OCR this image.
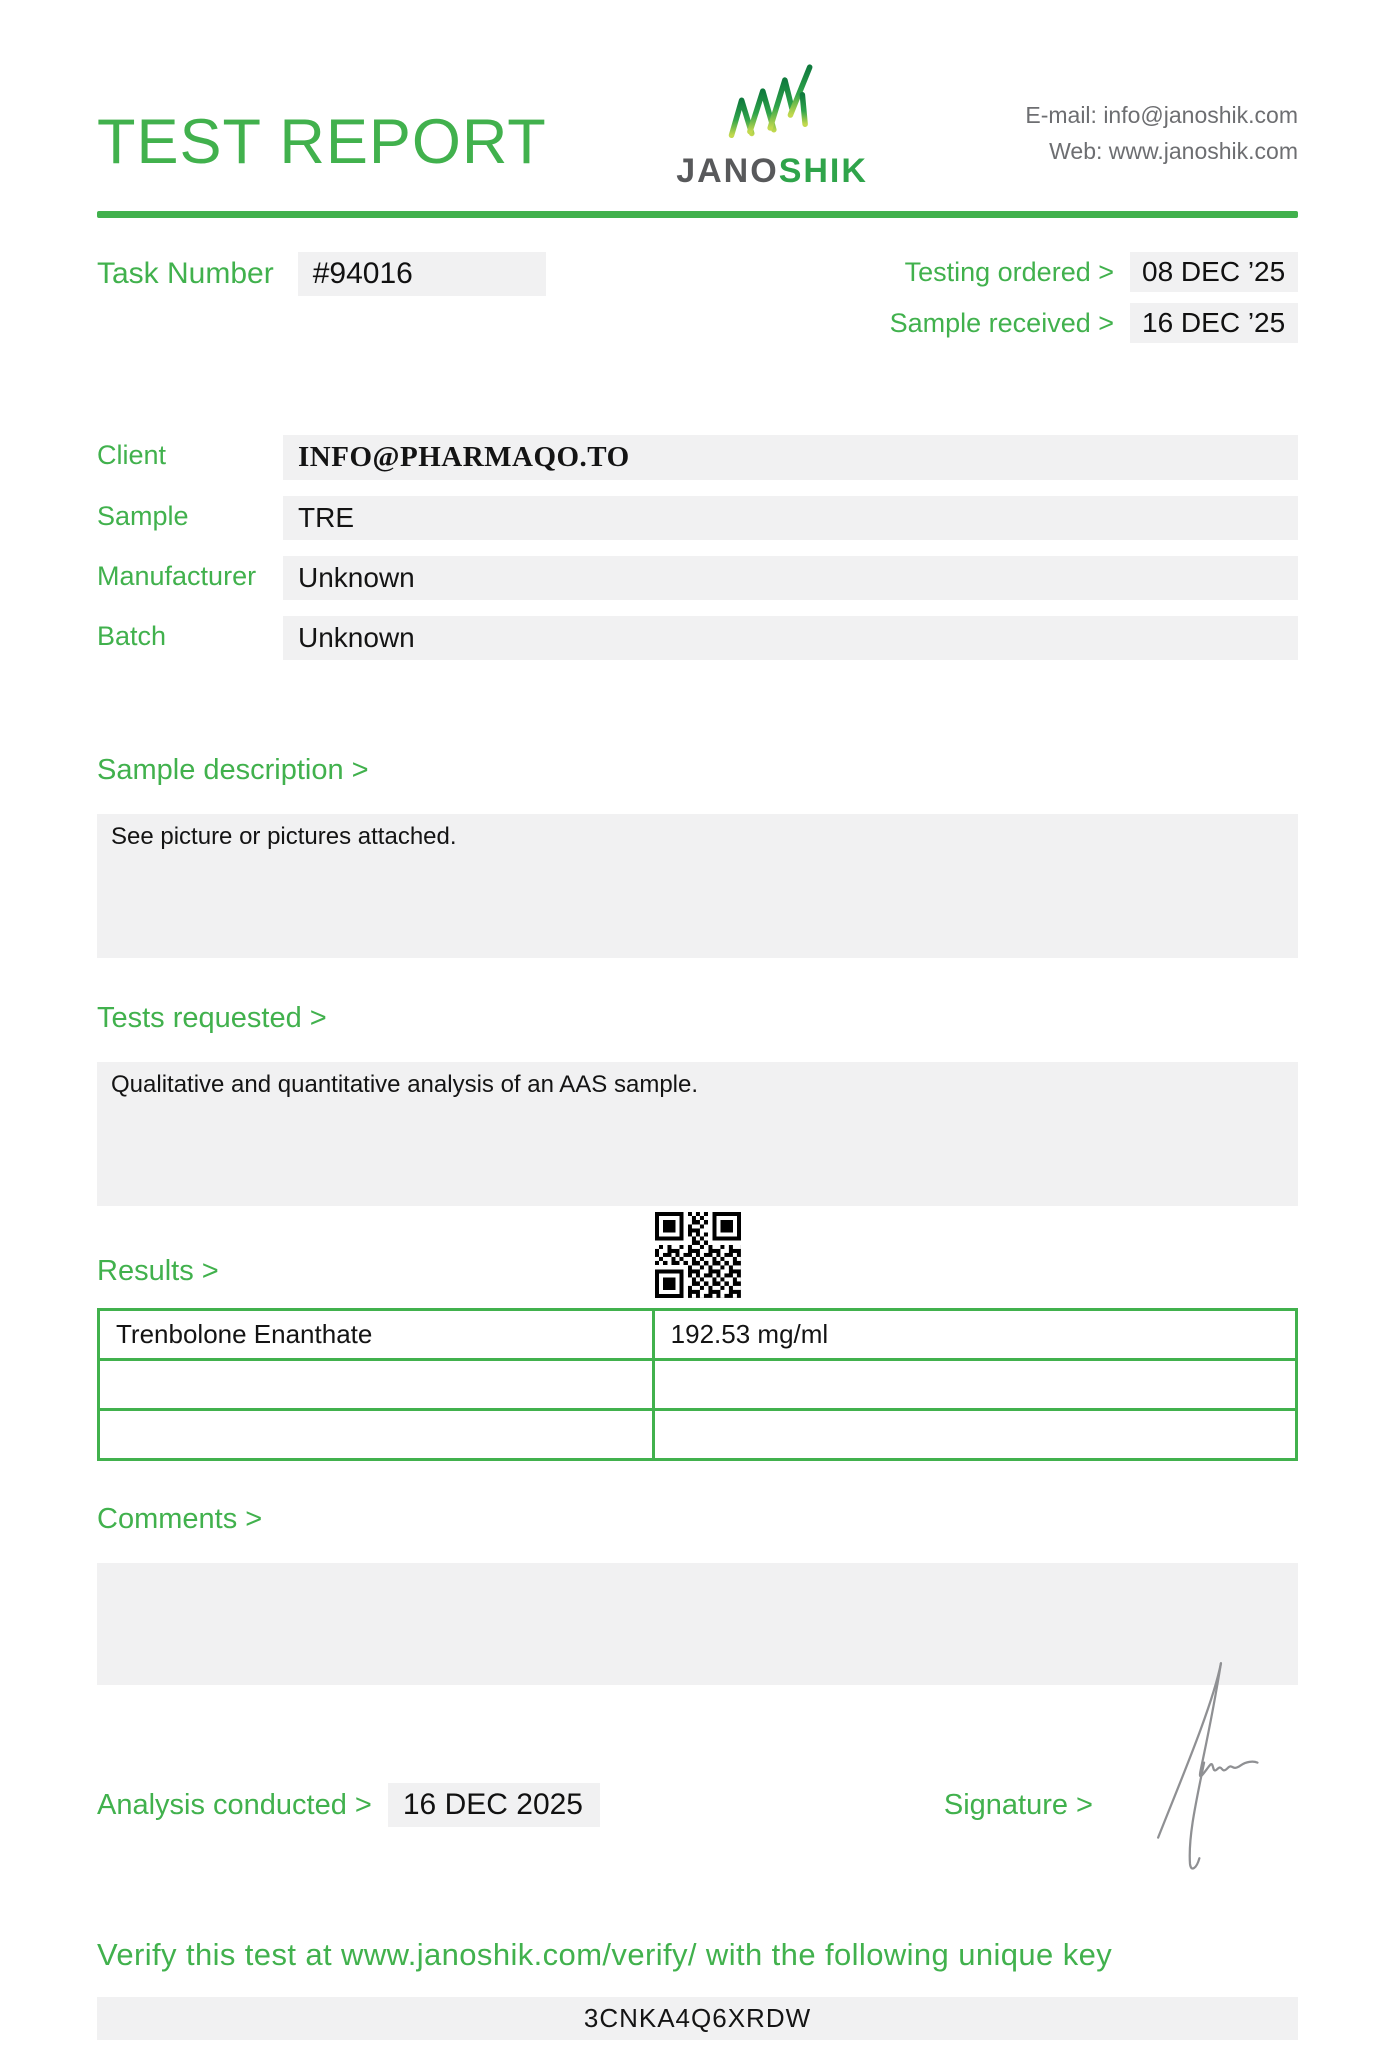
TEST REPORT	JANOSHIK
E-mail: info@janoshik.com
Web: www.janoshik.com
Task Number	#94016	Testing ordered >	08 DEC ’25
Sample received >	16 DEC ’25
Client	INFO@PHARMAQO.TO
Sample	TRE
Manufacturer	Unknown
Batch	Unknown
Sample description >
See picture or pictures attached.
Tests requested >
Qualitative and quantitative analysis of an AAS sample.
Results >
Trenbolone Enanthate	192.53 mg/ml

Comments >
Analysis conducted >	16 DEC 2025	Signature >
Verify this test at www.janoshik.com/verify/ with the following unique key
3CNKA4Q6XRDW
